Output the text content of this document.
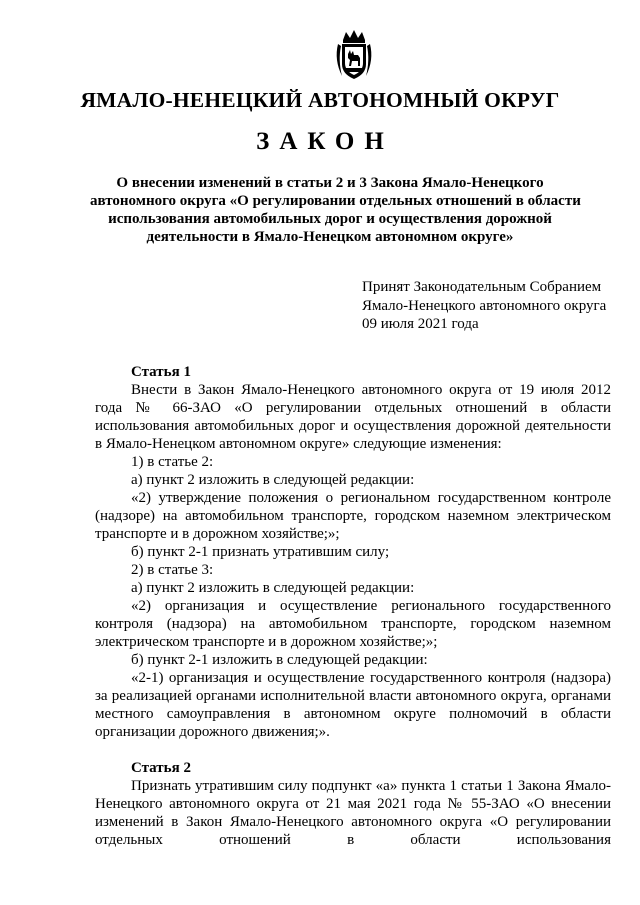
ЯМАЛО-НЕНЕЦКИЙ АВТОНОМНЫЙ ОКРУГ
ЗАКОН
О внесении изменений в статьи 2 и 3 Закона Ямало-Ненецкого
автономного округа «О регулировании отдельных отношений в области
использования автомобильных дорог и осуществления дорожной
деятельности в Ямало-Ненецком автономном округе»
Принят Законодательным Собранием
Ямало-Ненецкого автономного округа
09 июля 2021 года
Статья 1
Внести в Закон Ямало-Ненецкого автономного округа от 19 июля 2012 года № 66-ЗАО «О регулировании отдельных отношений в области использования автомобильных дорог и осуществления дорожной деятельности в Ямало-Ненецком автономном округе» следующие изменения:
1) в статье 2:
а) пункт 2 изложить в следующей редакции:
«2) утверждение положения о региональном государственном контроле (надзоре) на автомобильном транспорте, городском наземном электрическом транспорте и в дорожном хозяйстве;»;
б) пункт 2-1 признать утратившим силу;
2) в статье 3:
а) пункт 2 изложить в следующей редакции:
«2) организация и осуществление регионального государственного контроля (надзора) на автомобильном транспорте, городском наземном электрическом транспорте и в дорожном хозяйстве;»;
б) пункт 2-1 изложить в следующей редакции:
«2-1) организация и осуществление государственного контроля (надзора) за реализацией органами исполнительной власти автономного округа, органами местного самоуправления в автономном округе полномочий в области организации дорожного движения;».
Статья 2
Признать утратившим силу подпункт «а» пункта 1 статьи 1 Закона Ямало-Ненецкого автономного округа от 21 мая 2021 года № 55-ЗАО «О внесении изменений в Закон Ямало-Ненецкого автономного округа «О регулировании отдельных отношений в области использования
